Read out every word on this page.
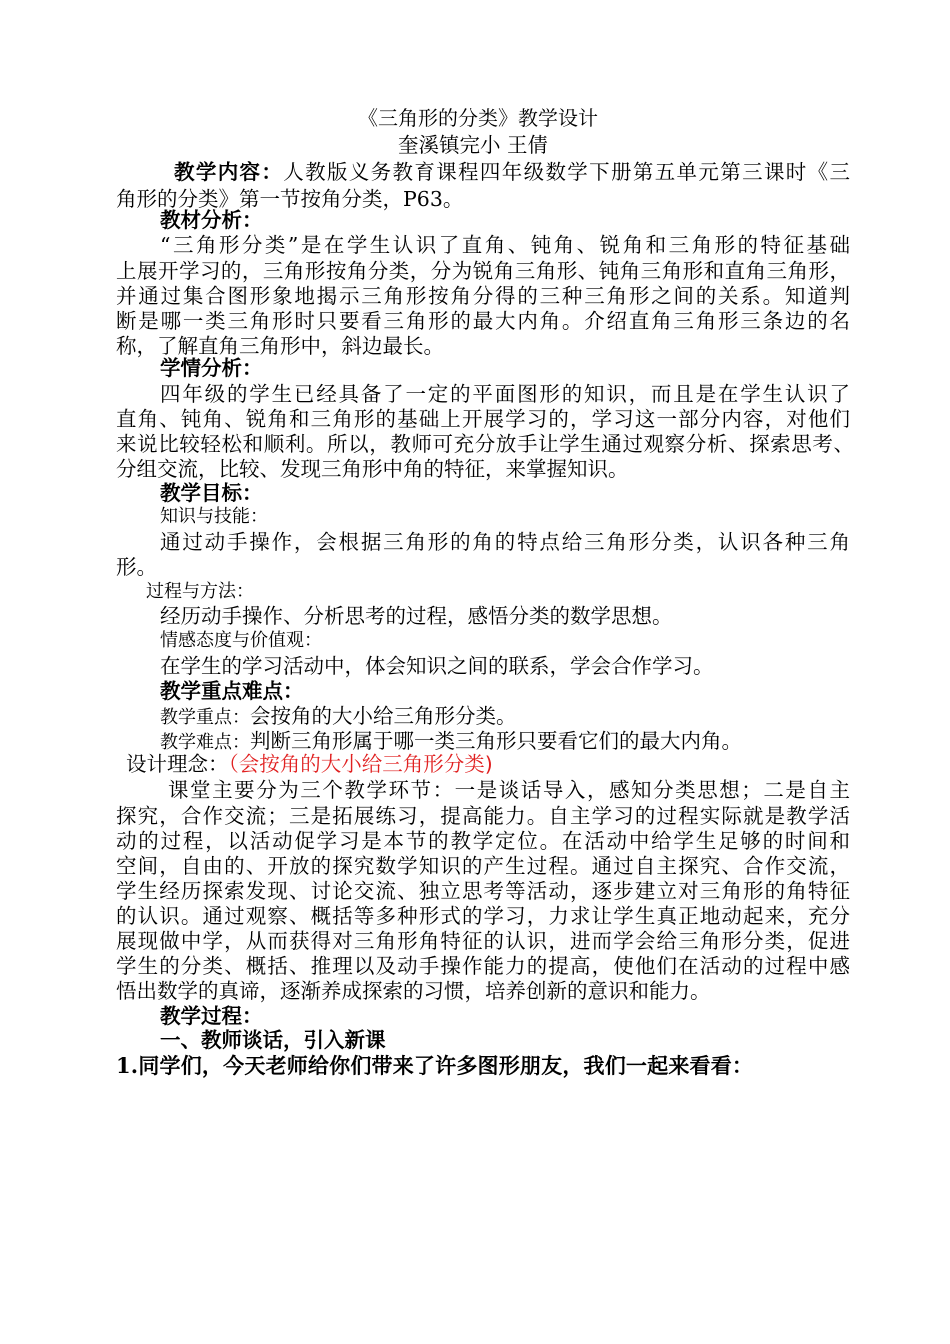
《三角形的分类》教学设计
奎溪镇完小 王倩
教学内容：人教版义务教育课程四年级数学下册第五单元第三课时《三
角形的分类》第一节按角分类，P63。
教材分析：
“三角形分类”是在学生认识了直角、钝角、锐角和三角形的特征基础
上展开学习的，三角形按角分类，分为锐角三角形、钝角三角形和直角三角形，
并通过集合图形象地揭示三角形按角分得的三种三角形之间的关系。知道判
断是哪一类三角形时只要看三角形的最大内角。介绍直角三角形三条边的名
称，了解直角三角形中，斜边最长。
学情分析：
四年级的学生已经具备了一定的平面图形的知识，而且是在学生认识了
直角、钝角、锐角和三角形的基础上开展学习的，学习这一部分内容，对他们
来说比较轻松和顺利。所以，教师可充分放手让学生通过观察分析、探索思考、
分组交流，比较、发现三角形中角的特征，来掌握知识。
教学目标：
知识与技能：
通过动手操作，会根据三角形的角的特点给三角形分类，认识各种三角
形。
过程与方法：
经历动手操作、分析思考的过程，感悟分类的数学思想。
情感态度与价值观：
在学生的学习活动中，体会知识之间的联系，学会合作学习。
教学重点难点：
教学重点：会按角的大小给三角形分类。
教学难点：判断三角形属于哪一类三角形只要看它们的最大内角。
设计理念：（会按角的大小给三角形分类)
课堂主要分为三个教学环节：一是谈话导入，感知分类思想；二是自主
探究，合作交流；三是拓展练习，提高能力。自主学习的过程实际就是教学活
动的过程，以活动促学习是本节的教学定位。在活动中给学生足够的时间和
空间，自由的、开放的探究数学知识的产生过程。通过自主探究、合作交流，
学生经历探索发现、讨论交流、独立思考等活动，逐步建立对三角形的角特征
的认识。通过观察、概括等多种形式的学习，力求让学生真正地动起来，充分
展现做中学，从而获得对三角形角特征的认识，进而学会给三角形分类，促进
学生的分类、概括、推理以及动手操作能力的提高，使他们在活动的过程中感
悟出数学的真谛，逐渐养成探索的习惯，培养创新的意识和能力。
教学过程：
一、教师谈话，引入新课
1.同学们，今天老师给你们带来了许多图形朋友，我们一起来看看：
